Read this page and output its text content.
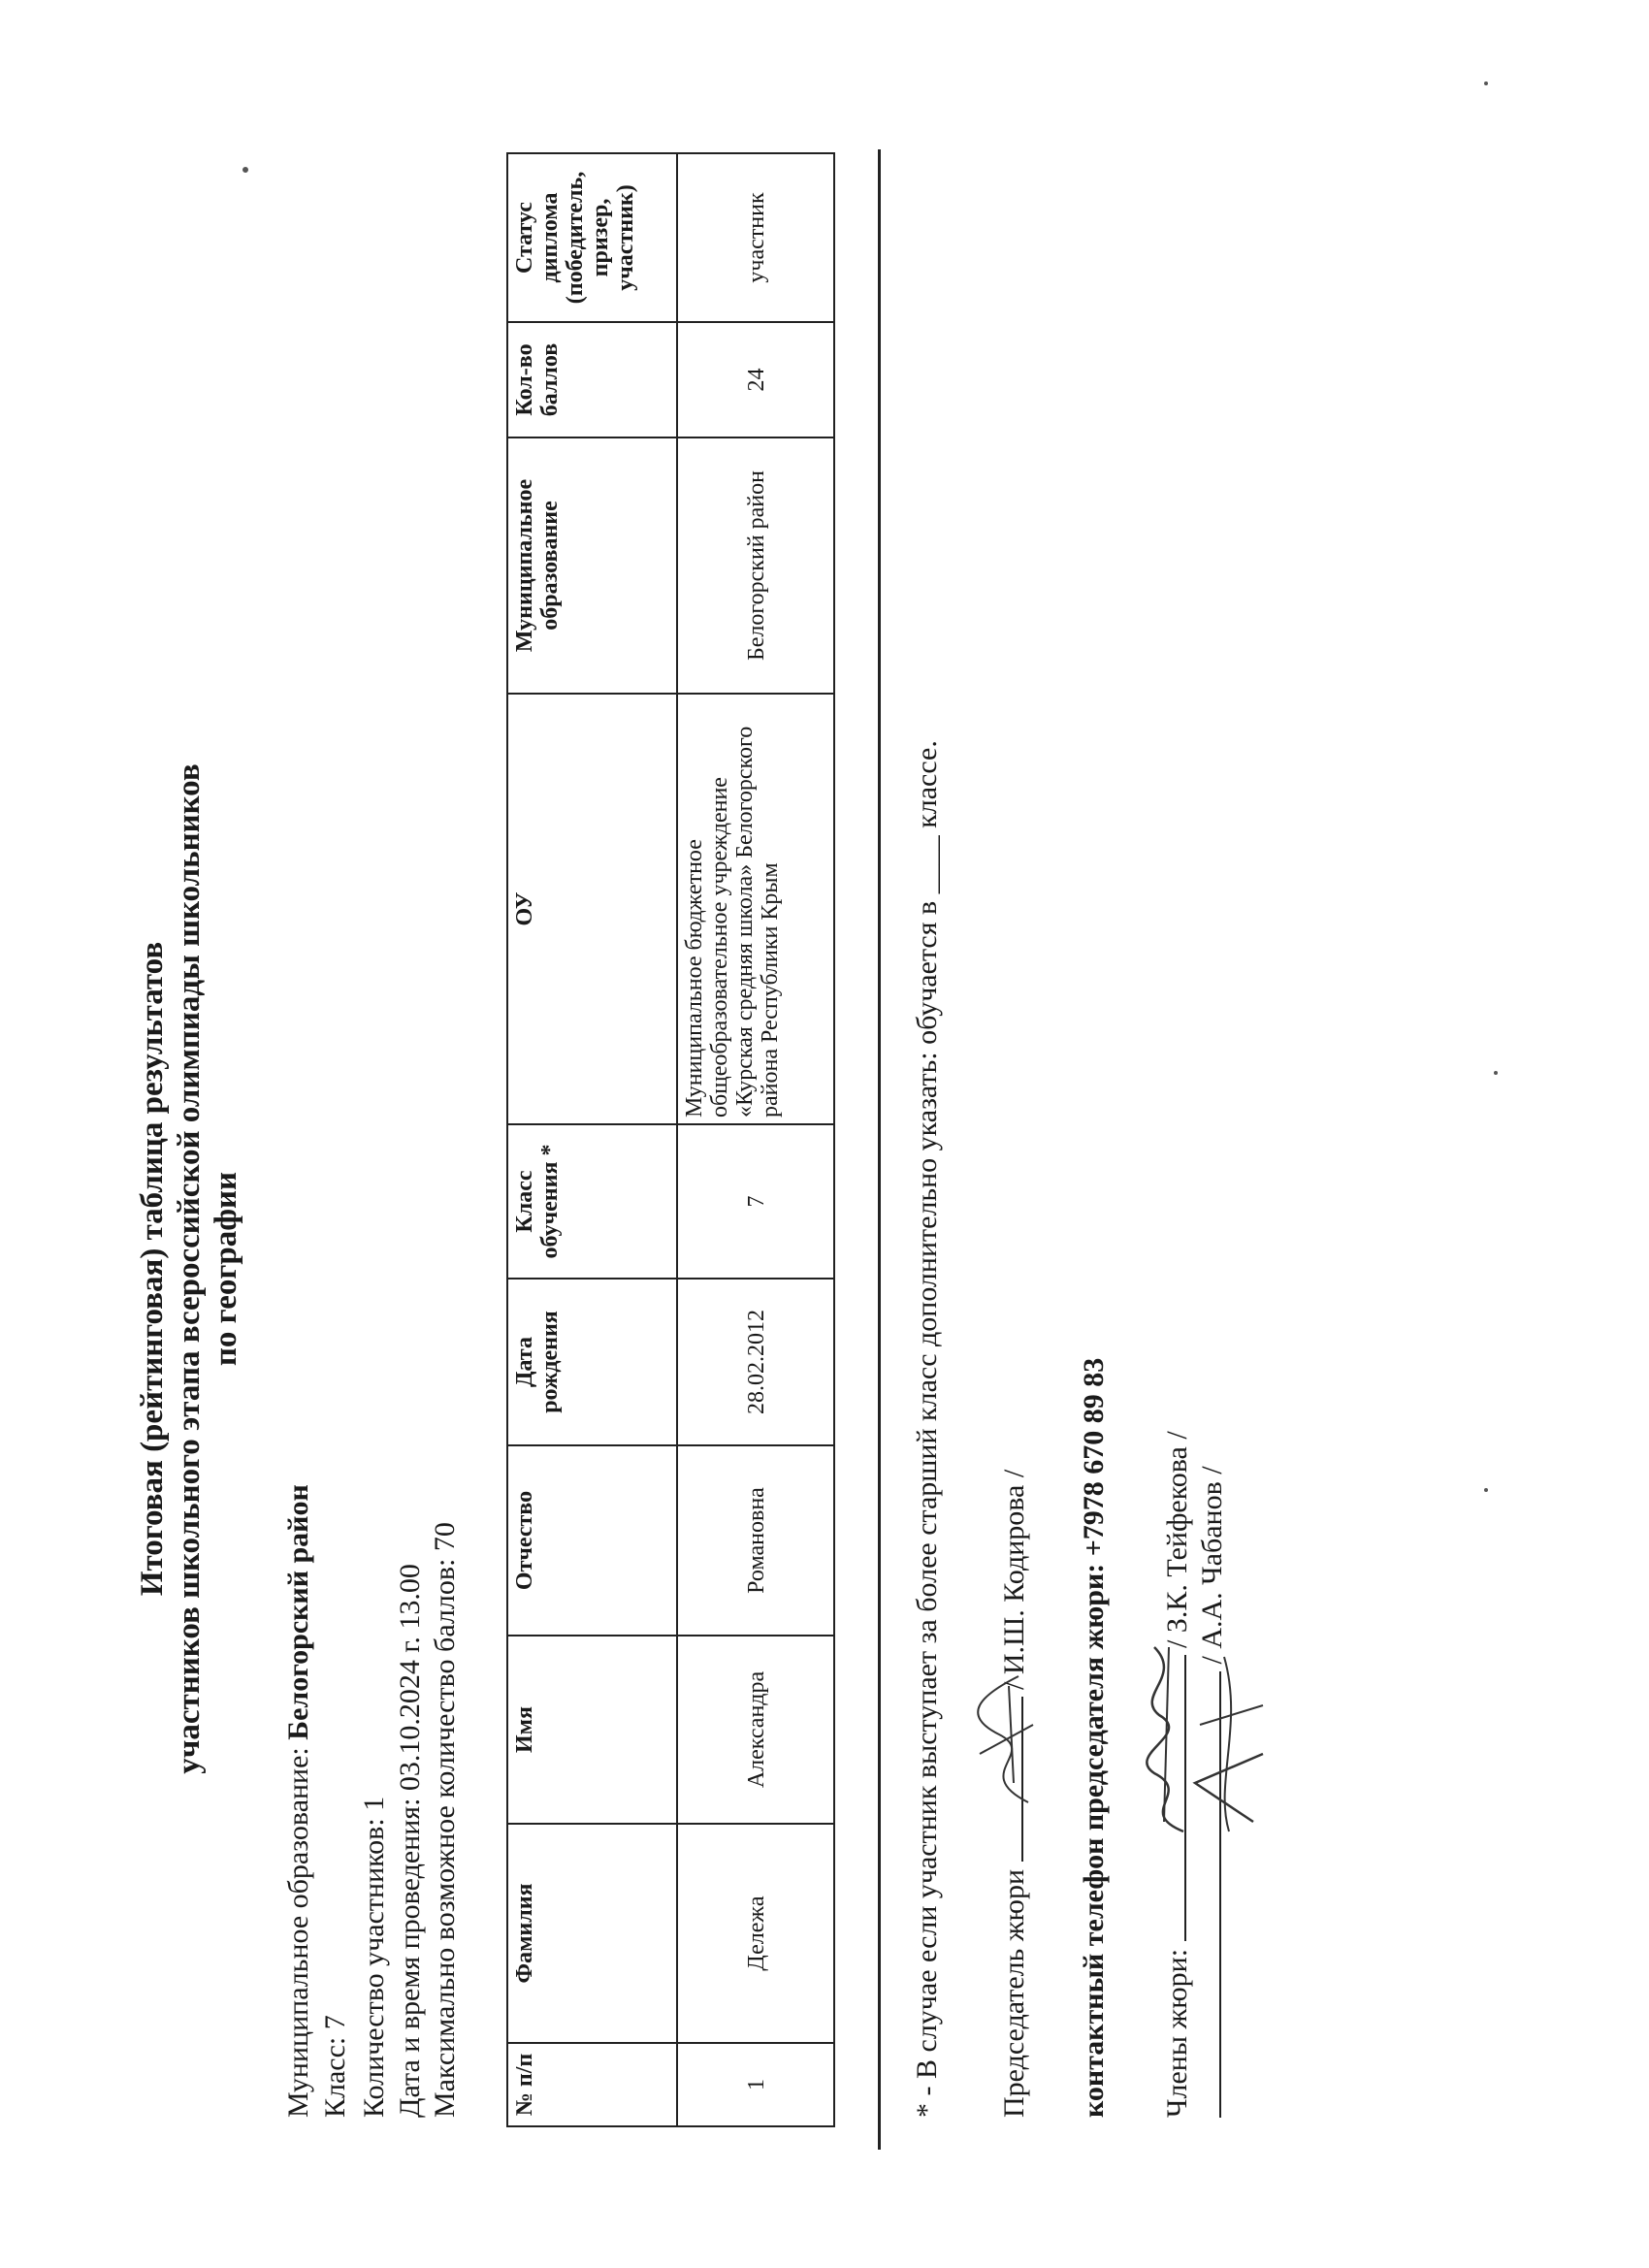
Итоговая (рейтинговая) таблица результатов участников школьного этапа всероссийской олимпиады школьников по географии
Муниципальное образование: Белогорский район
Класс: 7 Количество участников: 1 Дата и время проведения: 03.10.2024 г. 13.00 Максимально возможное количество баллов: 70 № п/п	Фамилия	Имя	Отчество	Дата рождения	Класс обучения *	ОУ	Муниципальное образование	Кол-во баллов	Статус диплома (победитель, призер, участник)
1	Дележа	Александра	Романовна	28.02.2012	7	Муниципальное бюджетное общеобразовательное учреждение «Курская средняя школа» Белогорского района Республики Крым	Белогорский район	24	участник
* - В случае если участник выступает за более старший класс дополнительно указать: обучается в ____ классе. Председатель жюри  / И.Ш. Кодирова / контактный телефон председателя жюри: +7978 670 89 83 Члены жюри:  / З.К. Тейфекова / / А.А. Чабанов /
